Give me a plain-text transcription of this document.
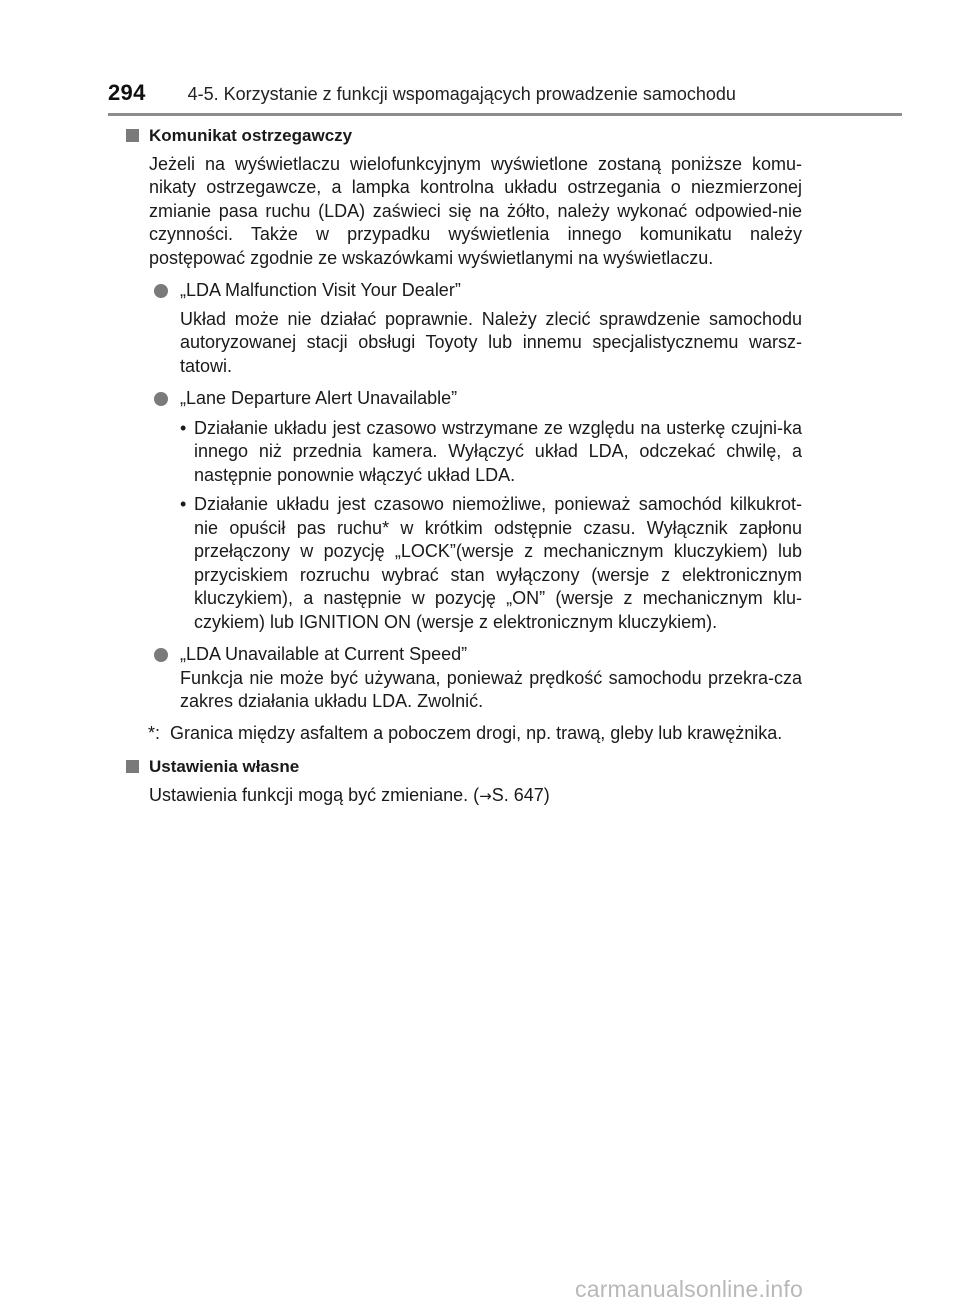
294 4-5. Korzystanie z funkcji wspomagających prowadzenie samochodu
Komunikat ostrzegawczy
Jeżeli na wyświetlaczu wielofunkcyjnym wyświetlone zostaną poniższe komu-nikaty ostrzegawcze, a lampka kontrolna układu ostrzegania o niezmierzonej zmianie pasa ruchu (LDA) zaświeci się na żółto, należy wykonać odpowied-nie czynności. Także w przypadku wyświetlenia innego komunikatu należy postępować zgodnie ze wskazówkami wyświetlanymi na wyświetlaczu.
„LDA Malfunction Visit Your Dealer”
Układ może nie działać poprawnie. Należy zlecić sprawdzenie samochodu autoryzowanej stacji obsługi Toyoty lub innemu specjalistycznemu warsz-tatowi.
„Lane Departure Alert Unavailable”
• Działanie układu jest czasowo wstrzymane ze względu na usterkę czujni-ka innego niż przednia kamera. Wyłączyć układ LDA, odczekać chwilę, a następnie ponownie włączyć układ LDA.
• Działanie układu jest czasowo niemożliwe, ponieważ samochód kilkukrot-nie opuścił pas ruchu* w krótkim odstępnie czasu. Wyłącznik zapłonu przełączony w pozycję „LOCK”(wersje z mechanicznym kluczykiem) lub przyciskiem rozruchu wybrać stan wyłączony (wersje z elektronicznym kluczykiem), a następnie w pozycję „ON” (wersje z mechanicznym klu-czykiem) lub IGNITION ON (wersje z elektronicznym kluczykiem).
„LDA Unavailable at Current Speed”
Funkcja nie może być używana, ponieważ prędkość samochodu przekra-cza zakres działania układu LDA. Zwolnić.
*: Granica między asfaltem a poboczem drogi, np. trawą, gleby lub krawężnika.
Ustawienia własne
Ustawienia funkcji mogą być zmieniane. (→S. 647)
carmanualsonline.info
